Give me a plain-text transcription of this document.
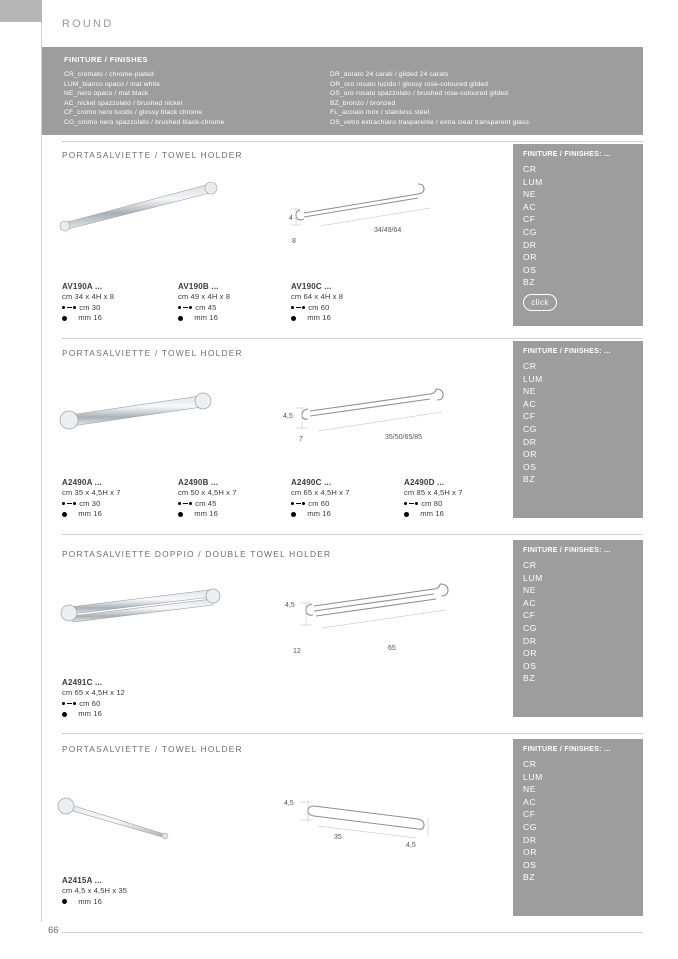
ROUND
FINITURE / FINISHES
CR_cromato / chrome-plated
LUM_bianco opaco / mat white
NE_nero opaco / mat black
AC_nickel spazzolato / brushed nickel
CF_cromo nero lucido / glossy black chrome
CG_cromo nero spazzolato / brushed black-chrome
DR_dorato 24 carati / gilded 24 carats
OR_oro rosato lucido / glossy rose-coloured gilded
OS_oro rosato spazzolato / brushed rose-coloured gilded
BZ_bronzo / bronzed
FL_acciaio inox / stainless steel
OS_vetro extrachiaro trasparente / extra clear transparent glass
PORTASALVIETTE / TOWEL HOLDER
4
8
34/49/64
AV190A ...
cm 34 x 4H x 8
cm 30
mm 16
AV190B ...
cm 49 x 4H x 8
cm 45
mm 16
AV190C ...
cm 64 x 4H x 8
cm 60
mm 16
FINITURE / FINISHES: ...
CR
LUM
NE
AC
CF
CG
DR
OR
OS
BZ
click
PORTASALVIETTE / TOWEL HOLDER
4,5
7	35/50/65/85
A2490A ...
cm 35 x 4,5H x 7
cm 30
mm 16
A2490B ...
cm 50 x 4,5H x 7
cm 45
mm 16
A2490C ...
cm 65 x 4,5H x 7
cm 60
mm 16
A2490D ...
cm 85 x 4,5H x 7
cm 80
mm 16
FINITURE / FINISHES: ...
CR
LUM
NE
AC
CF
CG
DR
OR
OS
BZ
PORTASALVIETTE DOPPIO / DOUBLE TOWEL HOLDER
4,5
12	65
A2491C ...
cm 65 x 4,5H x 12
cm 60
mm 16
FINITURE / FINISHES: ...
CR
LUM
NE
AC
CF
CG
DR
OR
OS
BZ
PORTASALVIETTE / TOWEL HOLDER
4,5
35
4,5
A2415A ...
cm 4,5 x 4,5H x 35
mm 16
FINITURE / FINISHES: ...
CR
LUM
NE
AC
CF
CG
DR
OR
OS
BZ
66
